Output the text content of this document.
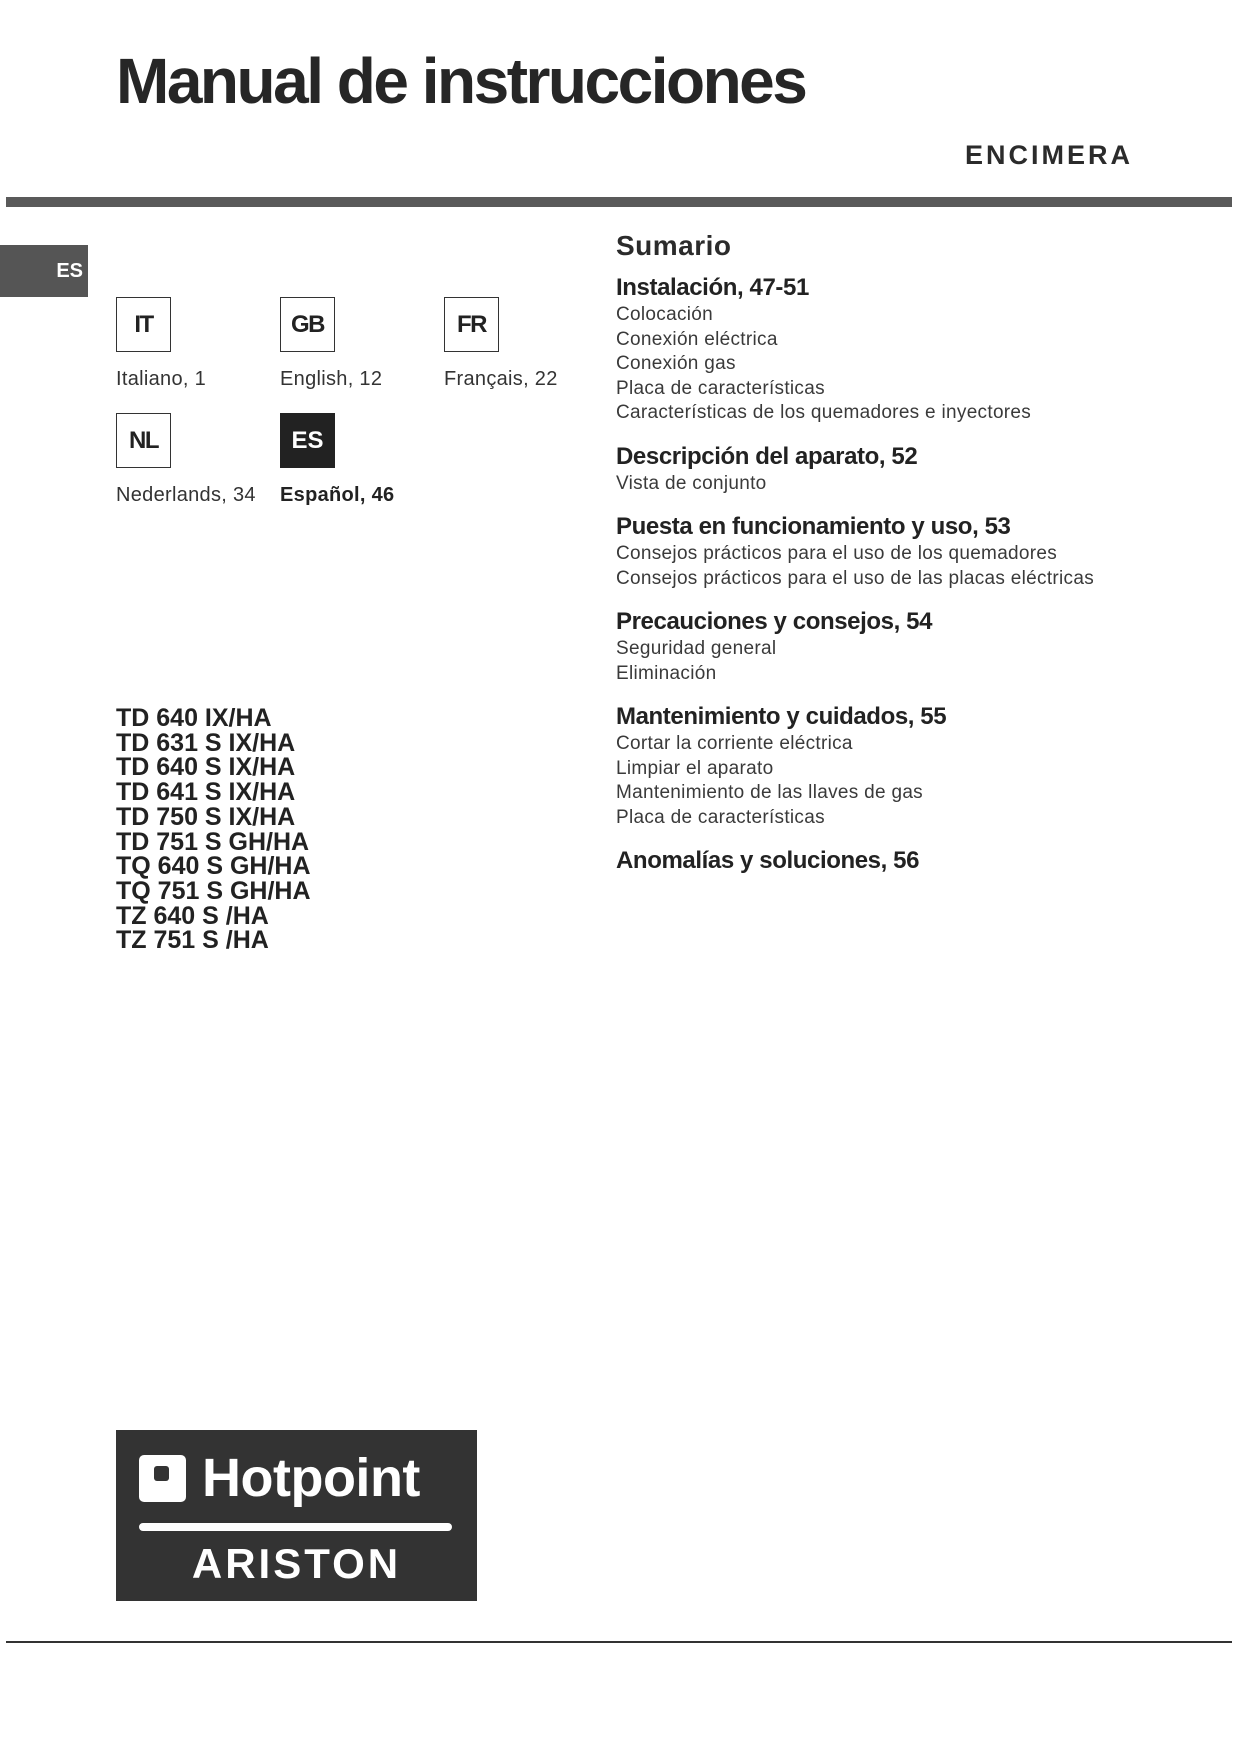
Manual de instrucciones
ENCIMERA
ES
IT
Italiano, 1
GB
English, 12
FR
Français, 22
NL
Nederlands, 34
ES
Español, 46
TD 640 IX/HA
TD 631 S IX/HA
TD 640 S IX/HA
TD 641 S IX/HA
TD 750 S IX/HA
TD 751 S GH/HA
TQ 640 S GH/HA
TQ 751 S GH/HA
TZ 640 S /HA
TZ 751 S /HA
Sumario
Instalación, 47-51
Colocación
Conexión eléctrica
Conexión gas
Placa de características
Características de los quemadores e inyectores
Descripción del aparato, 52
Vista de conjunto
Puesta en funcionamiento y uso, 53
Consejos prácticos para el uso de los quemadores
Consejos prácticos para el uso de las placas eléctricas
Precauciones y consejos, 54
Seguridad general
Eliminación
Mantenimiento y cuidados, 55
Cortar la corriente eléctrica
Limpiar el aparato
Mantenimiento de las llaves de gas
Placa de características
Anomalías y soluciones, 56
Hotpoint
ARISTON
